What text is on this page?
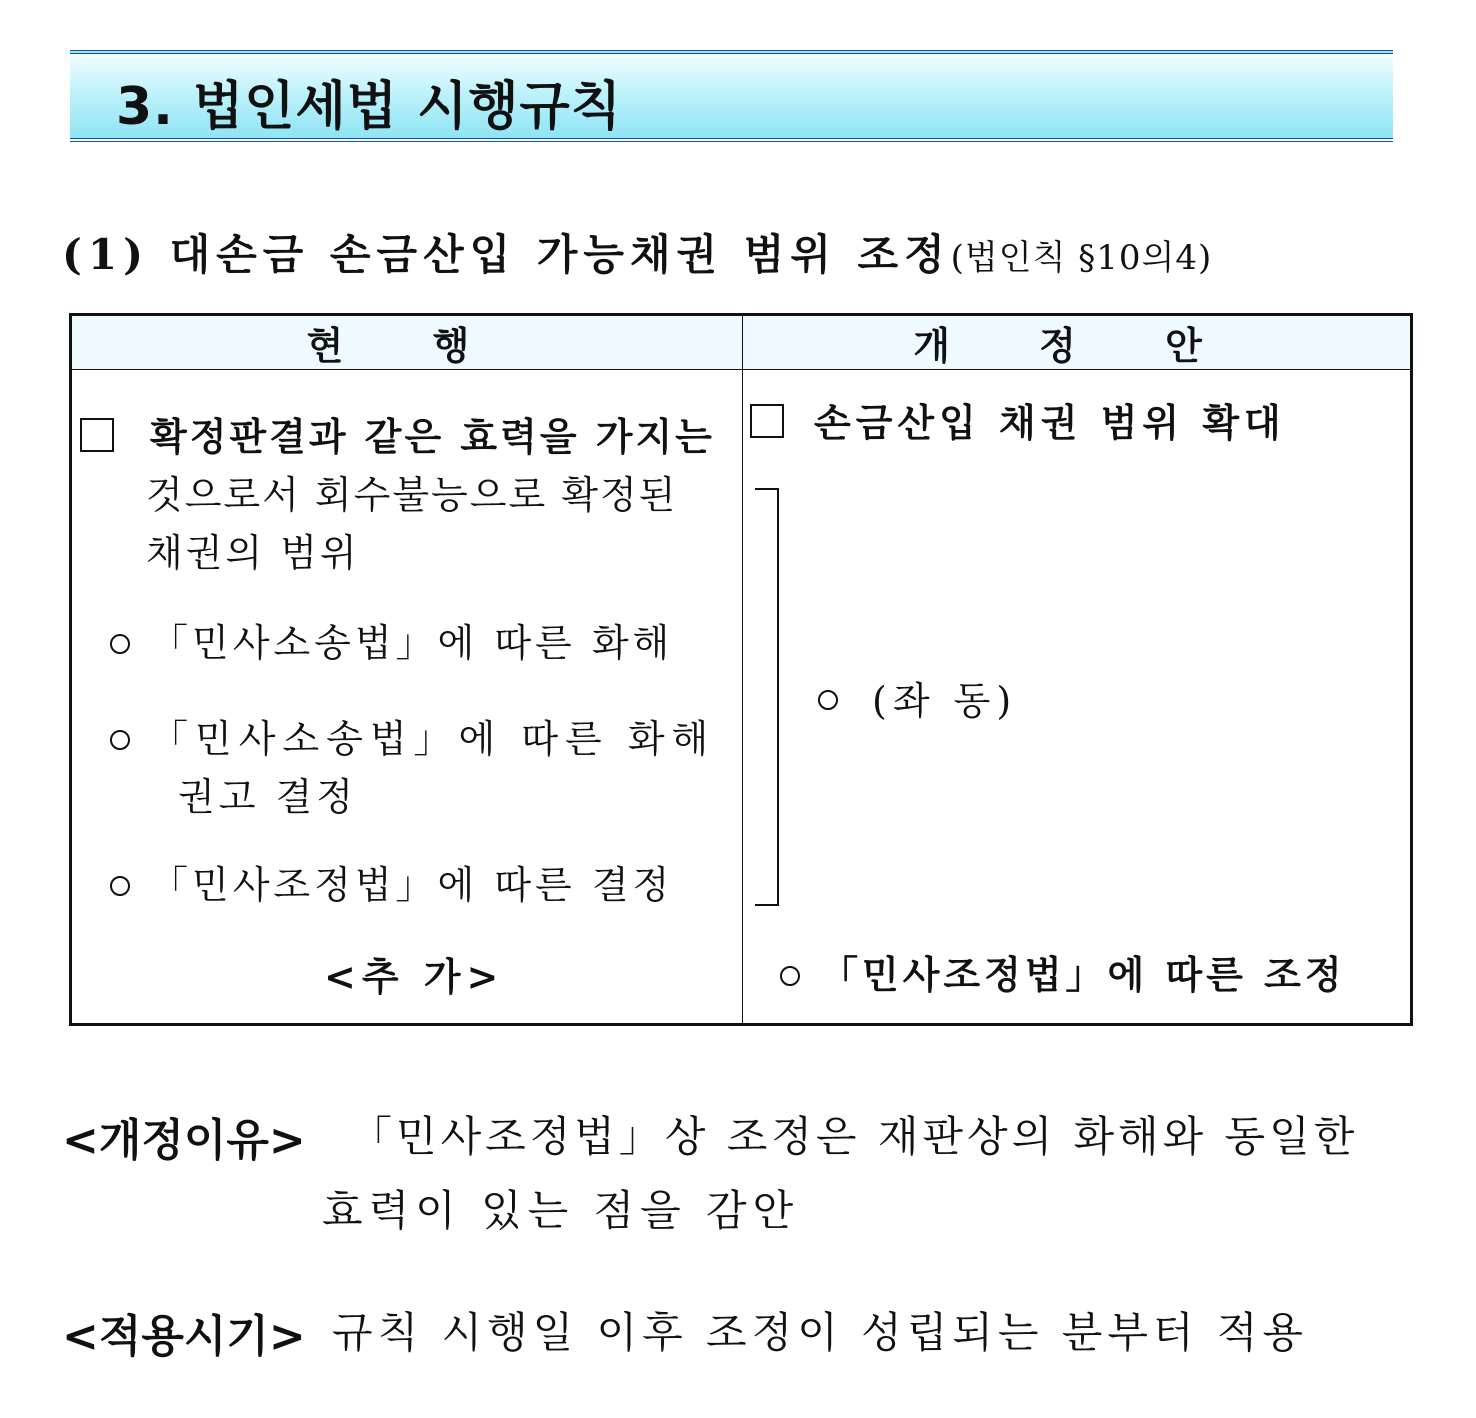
3. 법인세법 시행규칙
(1) 대손금 손금산입 가능채권 범위 조정(법인칙 §10의4)
현 행	개 정 안
확정판결과 같은 효력을 가지는
것으로서 회수불능으로 확정된
채권의 범위
「민사소송법」에 따른 화해
「민사소송법」에 따른 화해
권고 결정
「민사조정법」에 따른 결정
<추 가>
손금산입 채권 범위 확대
(좌 동)
「민사조정법」에 따른 조정
<개정이유> 「민사조정법」상 조정은 재판상의 화해와 동일한
효력이 있는 점을 감안
<적용시기> 규칙 시행일 이후 조정이 성립되는 분부터 적용
